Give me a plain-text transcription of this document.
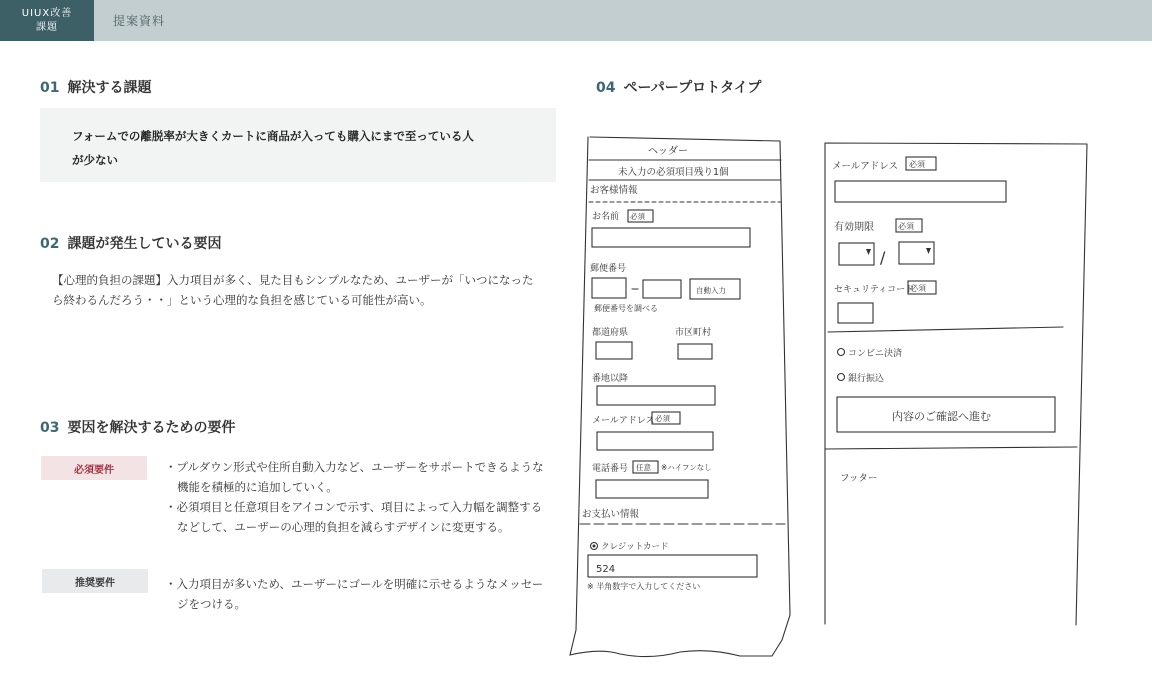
UIUX改善
課題	提案資料
01 解決する課題
フォームでの離脱率が大きくカートに商品が入っても購入にまで至っている人
が少ない
02 課題が発生している要因
【心理的負担の課題】入力項目が多く、見た目もシンプルなため、ユーザーが「いつになった
ら終わるんだろう・・」という心理的な負担を感じている可能性が高い。
03 要因を解決するための要件
必須要件	・プルダウン形式や住所自動入力など、ユーザーをサポートできるような機能を積極的に追加していく。
・必須項目と任意項目をアイコンで示す、項目によって入力幅を調整するなどして、ユーザーの心理的負担を減らすデザインに変更する。
推奨要件	・入力項目が多いため、ユーザーにゴールを明確に示せるようなメッセージをつける。
04 ペーパープロトタイプ
ヘッダー
未入力の必須項目残り1個
お客様情報
お名前 必須
郵便番号
自動入力
郵便番号を調べる
都道府県	市区町村
番地以降
メールアドレス 必須
電話番号 任意 ※ハイフンなし
お支払い情報
クレジットカード
524
※ 半角数字で入力してください
メールアドレス 必須
有効期限	必須
/
セキュリティコード
必須
コンビニ決済
銀行振込
内容のご確認へ進む
フッター
